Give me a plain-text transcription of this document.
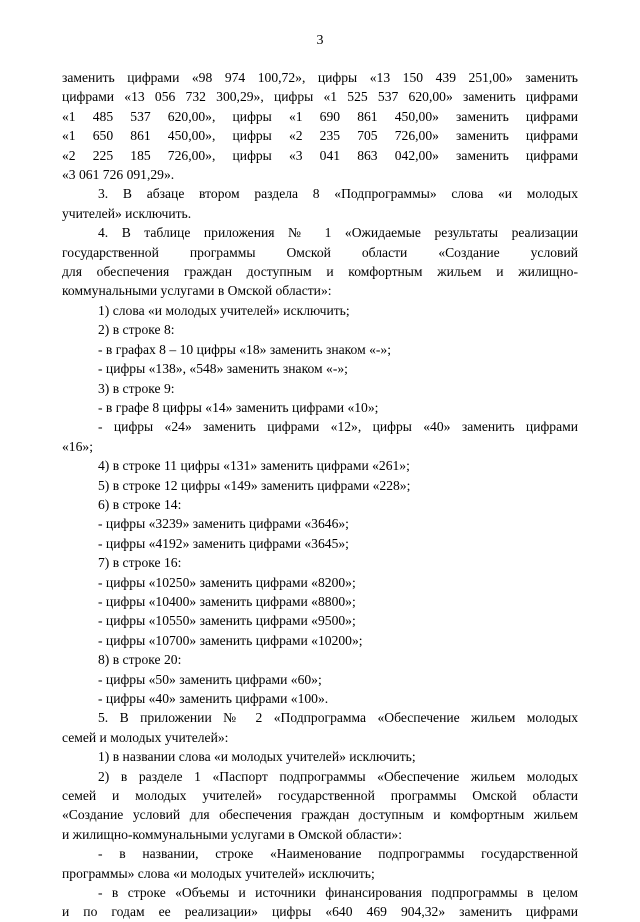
3

заменить цифрами «98 974 100,72», цифры «13 150 439 251,00» заменить

цифрами «13 056 732 300,29», цифры «1 525 537 620,00» заменить цифрами

«1 485 537 620,00», цифры «1 690 861 450,00» заменить цифрами

«1 650 861 450,00», цифры «2 235 705 726,00» заменить цифрами

«2 225 185 726,00», цифры «3 041 863 042,00» заменить цифрами

«3 061 726 091,29».

3. В абзаце втором раздела 8 «Подпрограммы» слова «и молодых

учителей» исключить.

4. В таблице приложения № 1 «Ожидаемые результаты реализации

государственной программы Омской области «Создание условий

для обеспечения граждан доступным и комфортным жильем и жилищно-

коммунальными услугами в Омской области»:

1) слова «и молодых учителей» исключить;

2) в строке 8:

- в графах 8 – 10 цифры «18» заменить знаком «-»;

- цифры «138», «548» заменить знаком «-»;

3) в строке 9:

- в графе 8 цифры «14» заменить цифрами «10»;

- цифры «24» заменить цифрами «12», цифры «40» заменить цифрами

«16»;

4) в строке 11 цифры «131» заменить цифрами «261»;

5) в строке 12 цифры «149» заменить цифрами «228»;

6) в строке 14:

- цифры «3239» заменить цифрами «3646»;

- цифры «4192» заменить цифрами «3645»;

7) в строке 16:

- цифры «10250» заменить цифрами «8200»;

- цифры «10400» заменить цифрами «8800»;

- цифры «10550» заменить цифрами «9500»;

- цифры «10700» заменить цифрами «10200»;

8) в строке 20:

- цифры «50» заменить цифрами «60»;

- цифры «40» заменить цифрами «100».

5. В приложении № 2 «Подпрограмма «Обеспечение жильем молодых

семей и молодых учителей»:

1) в названии слова «и молодых учителей» исключить;

2) в разделе 1 «Паспорт подпрограммы «Обеспечение жильем молодых

семей и молодых учителей» государственной программы Омской области

«Создание условий для обеспечения граждан доступным и комфортным жильем

и жилищно-коммунальными услугами в Омской области»:

- в названии, строке «Наименование подпрограммы государственной

программы» слова «и молодых учителей» исключить;

- в строке «Объемы и источники финансирования подпрограммы в целом

и по годам ее реализации» цифры «640 469 904,32» заменить цифрами
